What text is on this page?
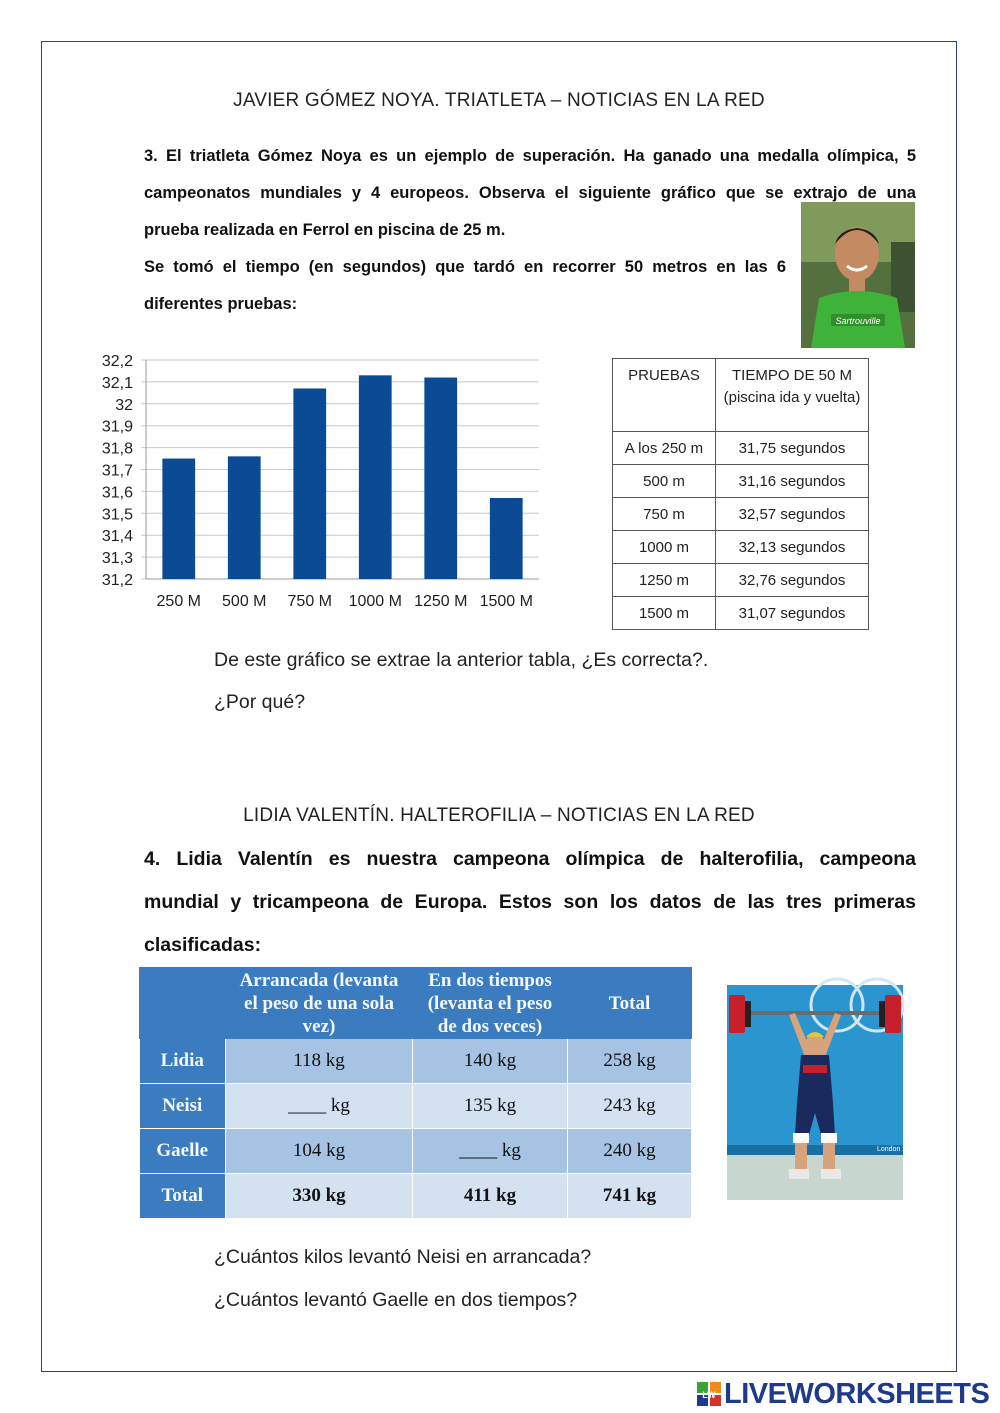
JAVIER GÓMEZ NOYA. TRIATLETA – NOTICIAS EN LA RED

3. El triatleta Gómez Noya es un ejemplo de superación. Ha ganado una medalla olímpica, 5

campeonatos mundiales y 4 europeos. Observa el siguiente gráfico que se extrajo de una

prueba realizada en Ferrol en piscina de 25 m.

Se tomó el tiempo (en segundos) que tardó en recorrer 50 metros en las 6

diferentes pruebas:

Sartrouville
31,2
31,3
31,4
31,5
31,6
31,7
31,8
31,9
32
32,1
32,2
250 M 500 M 750 M 1000 M 1250 M 1500 M
PRUEBAS	TIEMPO DE 50 M (piscina ida y vuelta)
A los 250 m	31,75 segundos
500 m	31,16 segundos
750 m	32,57 segundos
1000 m	32,13 segundos
1250 m	32,76 segundos
1500 m	31,07 segundos
De este gráfico se extrae la anterior tabla, ¿Es correcta?.
¿Por qué?
LIDIA VALENTÍN. HALTEROFILIA – NOTICIAS EN LA RED

4. Lidia Valentín es nuestra campeona olímpica de halterofilia, campeona

mundial y tricampeona de Europa. Estos son los datos de las tres primeras

clasificadas:

	Arrancada (levanta el peso de una sola vez)	En dos tiempos (levanta el peso de dos veces)	Total
Lidia	118 kg	140 kg	258 kg
Neisi	____ kg	135 kg	243 kg
Gaelle	104 kg	____ kg	240 kg
Total	330 kg	411 kg	741 kg
London 2012
¿Cuántos kilos levantó Neisi en arrancada?
¿Cuántos levantó Gaelle en dos tiempos?
LW LIVEWORKSHEETS
